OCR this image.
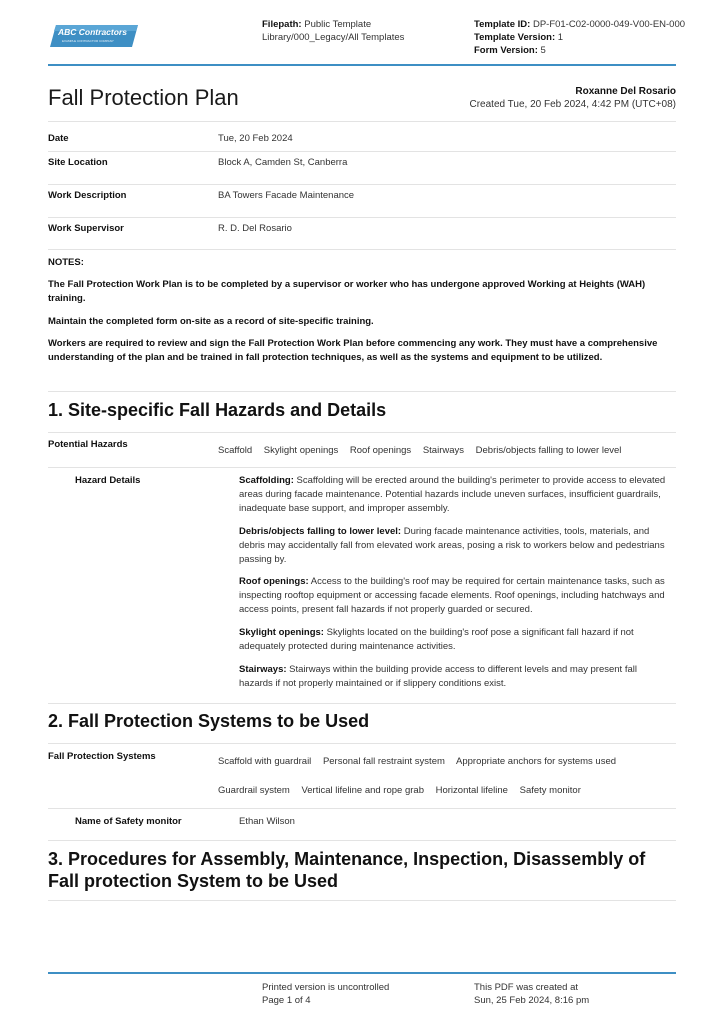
ABC Contractors
EXAMPLE CONTRACTOR COMPANY
Filepath: Public Template Library/000_Legacy/All Templates
Template ID: DP-F01-C02-0000-049-V00-EN-000
Template Version: 1
Form Version: 5
Fall Protection Plan	Roxanne Del Rosario
Created Tue, 20 Feb 2024, 4:42 PM (UTC+08)
Date	Tue, 20 Feb 2024
Site Location	Block A, Camden St, Canberra
Work Description	BA Towers Facade Maintenance
Work Supervisor	R. D. Del Rosario
NOTES:
The Fall Protection Work Plan is to be completed by a supervisor or worker who has undergone approved Working at Heights (WAH) training.
Maintain the completed form on-site as a record of site-specific training.
Workers are required to review and sign the Fall Protection Work Plan before commencing any work. They must have a comprehensive understanding of the plan and be trained in fall protection techniques, as well as the systems and equipment to be utilized.
1. Site-specific Fall Hazards and Details
Potential Hazards
Scaffold Skylight openings Roof openings Stairways Debris/objects falling to lower level
Hazard Details	Scaffolding: Scaffolding will be erected around the building's perimeter to provide access to elevated areas during facade maintenance. Potential hazards include uneven surfaces, insufficient guardrails, inadequate base support, and improper assembly.
Debris/objects falling to lower level: During facade maintenance activities, tools, materials, and debris may accidentally fall from elevated work areas, posing a risk to workers below and pedestrians passing by.
Roof openings: Access to the building's roof may be required for certain maintenance tasks, such as inspecting rooftop equipment or accessing facade elements. Roof openings, including hatchways and access points, present fall hazards if not properly guarded or secured.
Skylight openings: Skylights located on the building's roof pose a significant fall hazard if not adequately protected during maintenance activities.
Stairways: Stairways within the building provide access to different levels and may present fall hazards if not properly maintained or if slippery conditions exist.
2. Fall Protection Systems to be Used
Fall Protection Systems	Scaffold with guardrail Personal fall restraint system Appropriate anchors for systems used
Guardrail system Vertical lifeline and rope grab Horizontal lifeline Safety monitor
Name of Safety monitor	Ethan Wilson
3. Procedures for Assembly, Maintenance, Inspection, Disassembly of Fall protection System to be Used
Printed version is uncontrolled
Page 1 of 4
This PDF was created at
Sun, 25 Feb 2024, 8:16 pm
